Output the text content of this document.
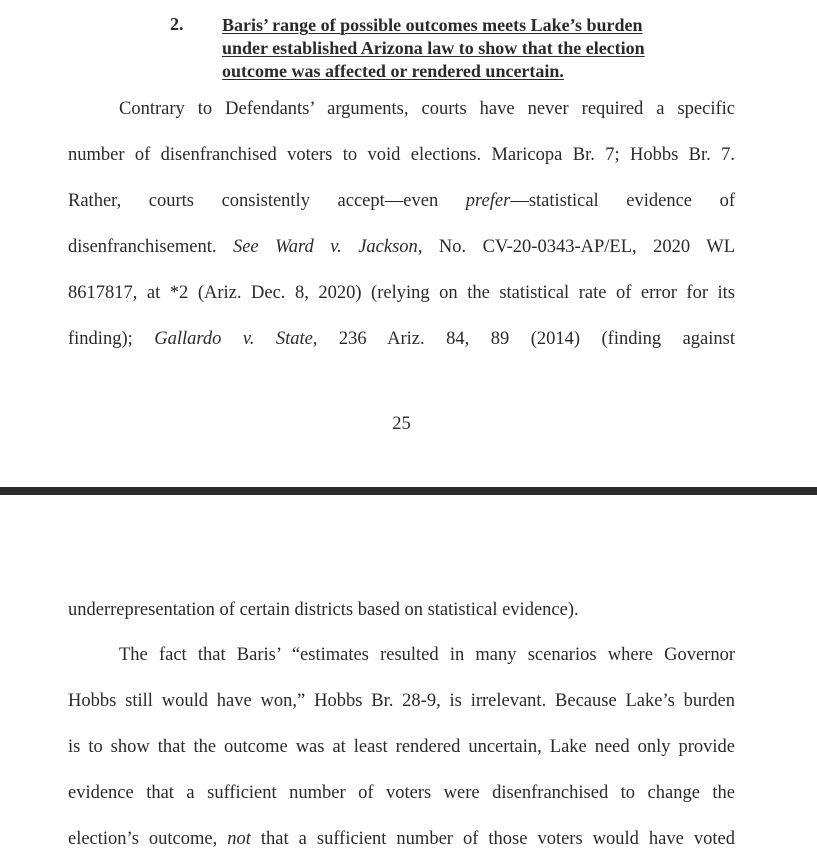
2. Baris’ range of possible outcomes meets Lake’s burden
under established Arizona law to show that the election
outcome was affected or rendered uncertain.
Contrary to Defendants’ arguments, courts have never required a specific
number of disenfranchised voters to void elections. Maricopa Br. 7; Hobbs Br. 7.
Rather, courts consistently accept—even prefer—statistical evidence of
disenfranchisement. See Ward v. Jackson, No. CV-20-0343-AP/EL, 2020 WL
8617817, at *2 (Ariz. Dec. 8, 2020) (relying on the statistical rate of error for its
finding); Gallardo v. State, 236 Ariz. 84, 89 (2014) (finding against
25
underrepresentation of certain districts based on statistical evidence).
The fact that Baris’ “estimates resulted in many scenarios where Governor
Hobbs still would have won,” Hobbs Br. 28-9, is irrelevant. Because Lake’s burden
is to show that the outcome was at least rendered uncertain, Lake need only provide
evidence that a sufficient number of voters were disenfranchised to change the
election’s outcome, not that a sufficient number of those voters would have voted
